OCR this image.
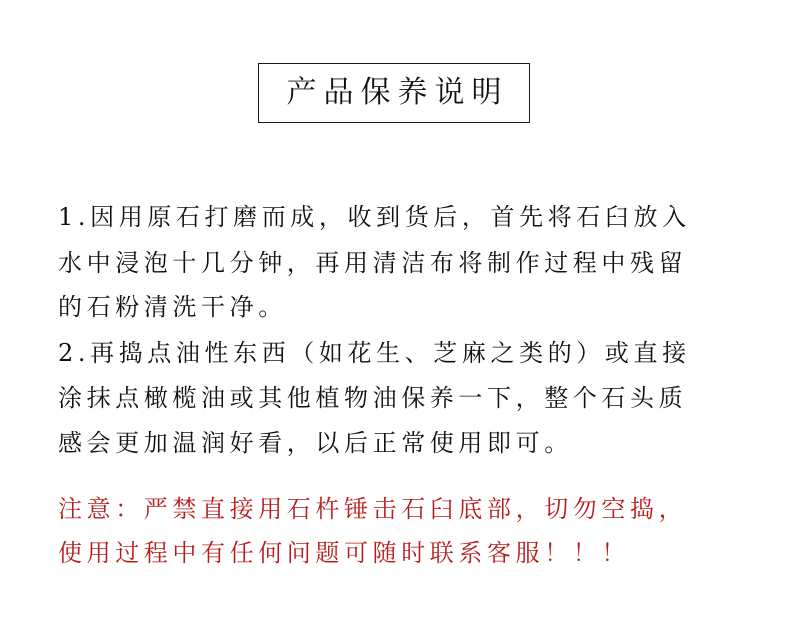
产品保养说明
1.因用原石打磨而成，收到货后，首先将石臼放入
水中浸泡十几分钟，再用清洁布将制作过程中残留
的石粉清洗干净。
2.再捣点油性东西（如花生、芝麻之类的）或直接
涂抹点橄榄油或其他植物油保养一下，整个石头质
感会更加温润好看，以后正常使用即可。
注意：严禁直接用石杵锤击石臼底部，切勿空捣，
使用过程中有任何问题可随时联系客服！！！
